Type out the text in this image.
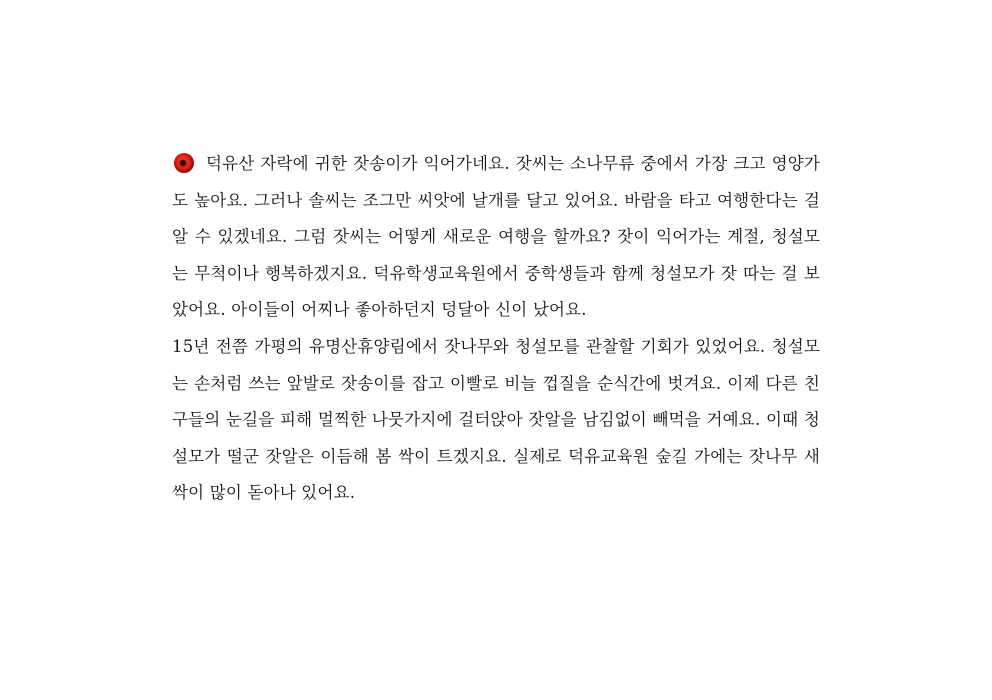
덕유산 자락에 귀한 잣송이가 익어가네요. 잣씨는 소나무류 중에서 가장 크고 영양가도 높아요. 그러나 솔씨는 조그만 씨앗에 날개를 달고 있어요. 바람을 타고 여행한다는 걸 알 수 있겠네요. 그럼 잣씨는 어떻게 새로운 여행을 할까요? 잣이 익어가는 계절, 청설모는 무척이나 행복하겠지요. 덕유학생교육원에서 중학생들과 함께 청설모가 잣 따는 걸 보았어요. 아이들이 어찌나 좋아하던지 덩달아 신이 났어요.

15년 전쯤 가평의 유명산휴양림에서 잣나무와 청설모를 관찰할 기회가 있었어요. 청설모는 손처럼 쓰는 앞발로 잣송이를 잡고 이빨로 비늘 껍질을 순식간에 벗겨요. 이제 다른 친구들의 눈길을 피해 멀찍한 나뭇가지에 걸터앉아 잣알을 남김없이 빼먹을 거예요. 이때 청설모가 떨군 잣알은 이듬해 봄 싹이 트겠지요. 실제로 덕유교육원 숲길 가에는 잣나무 새싹이 많이 돋아나 있어요.
